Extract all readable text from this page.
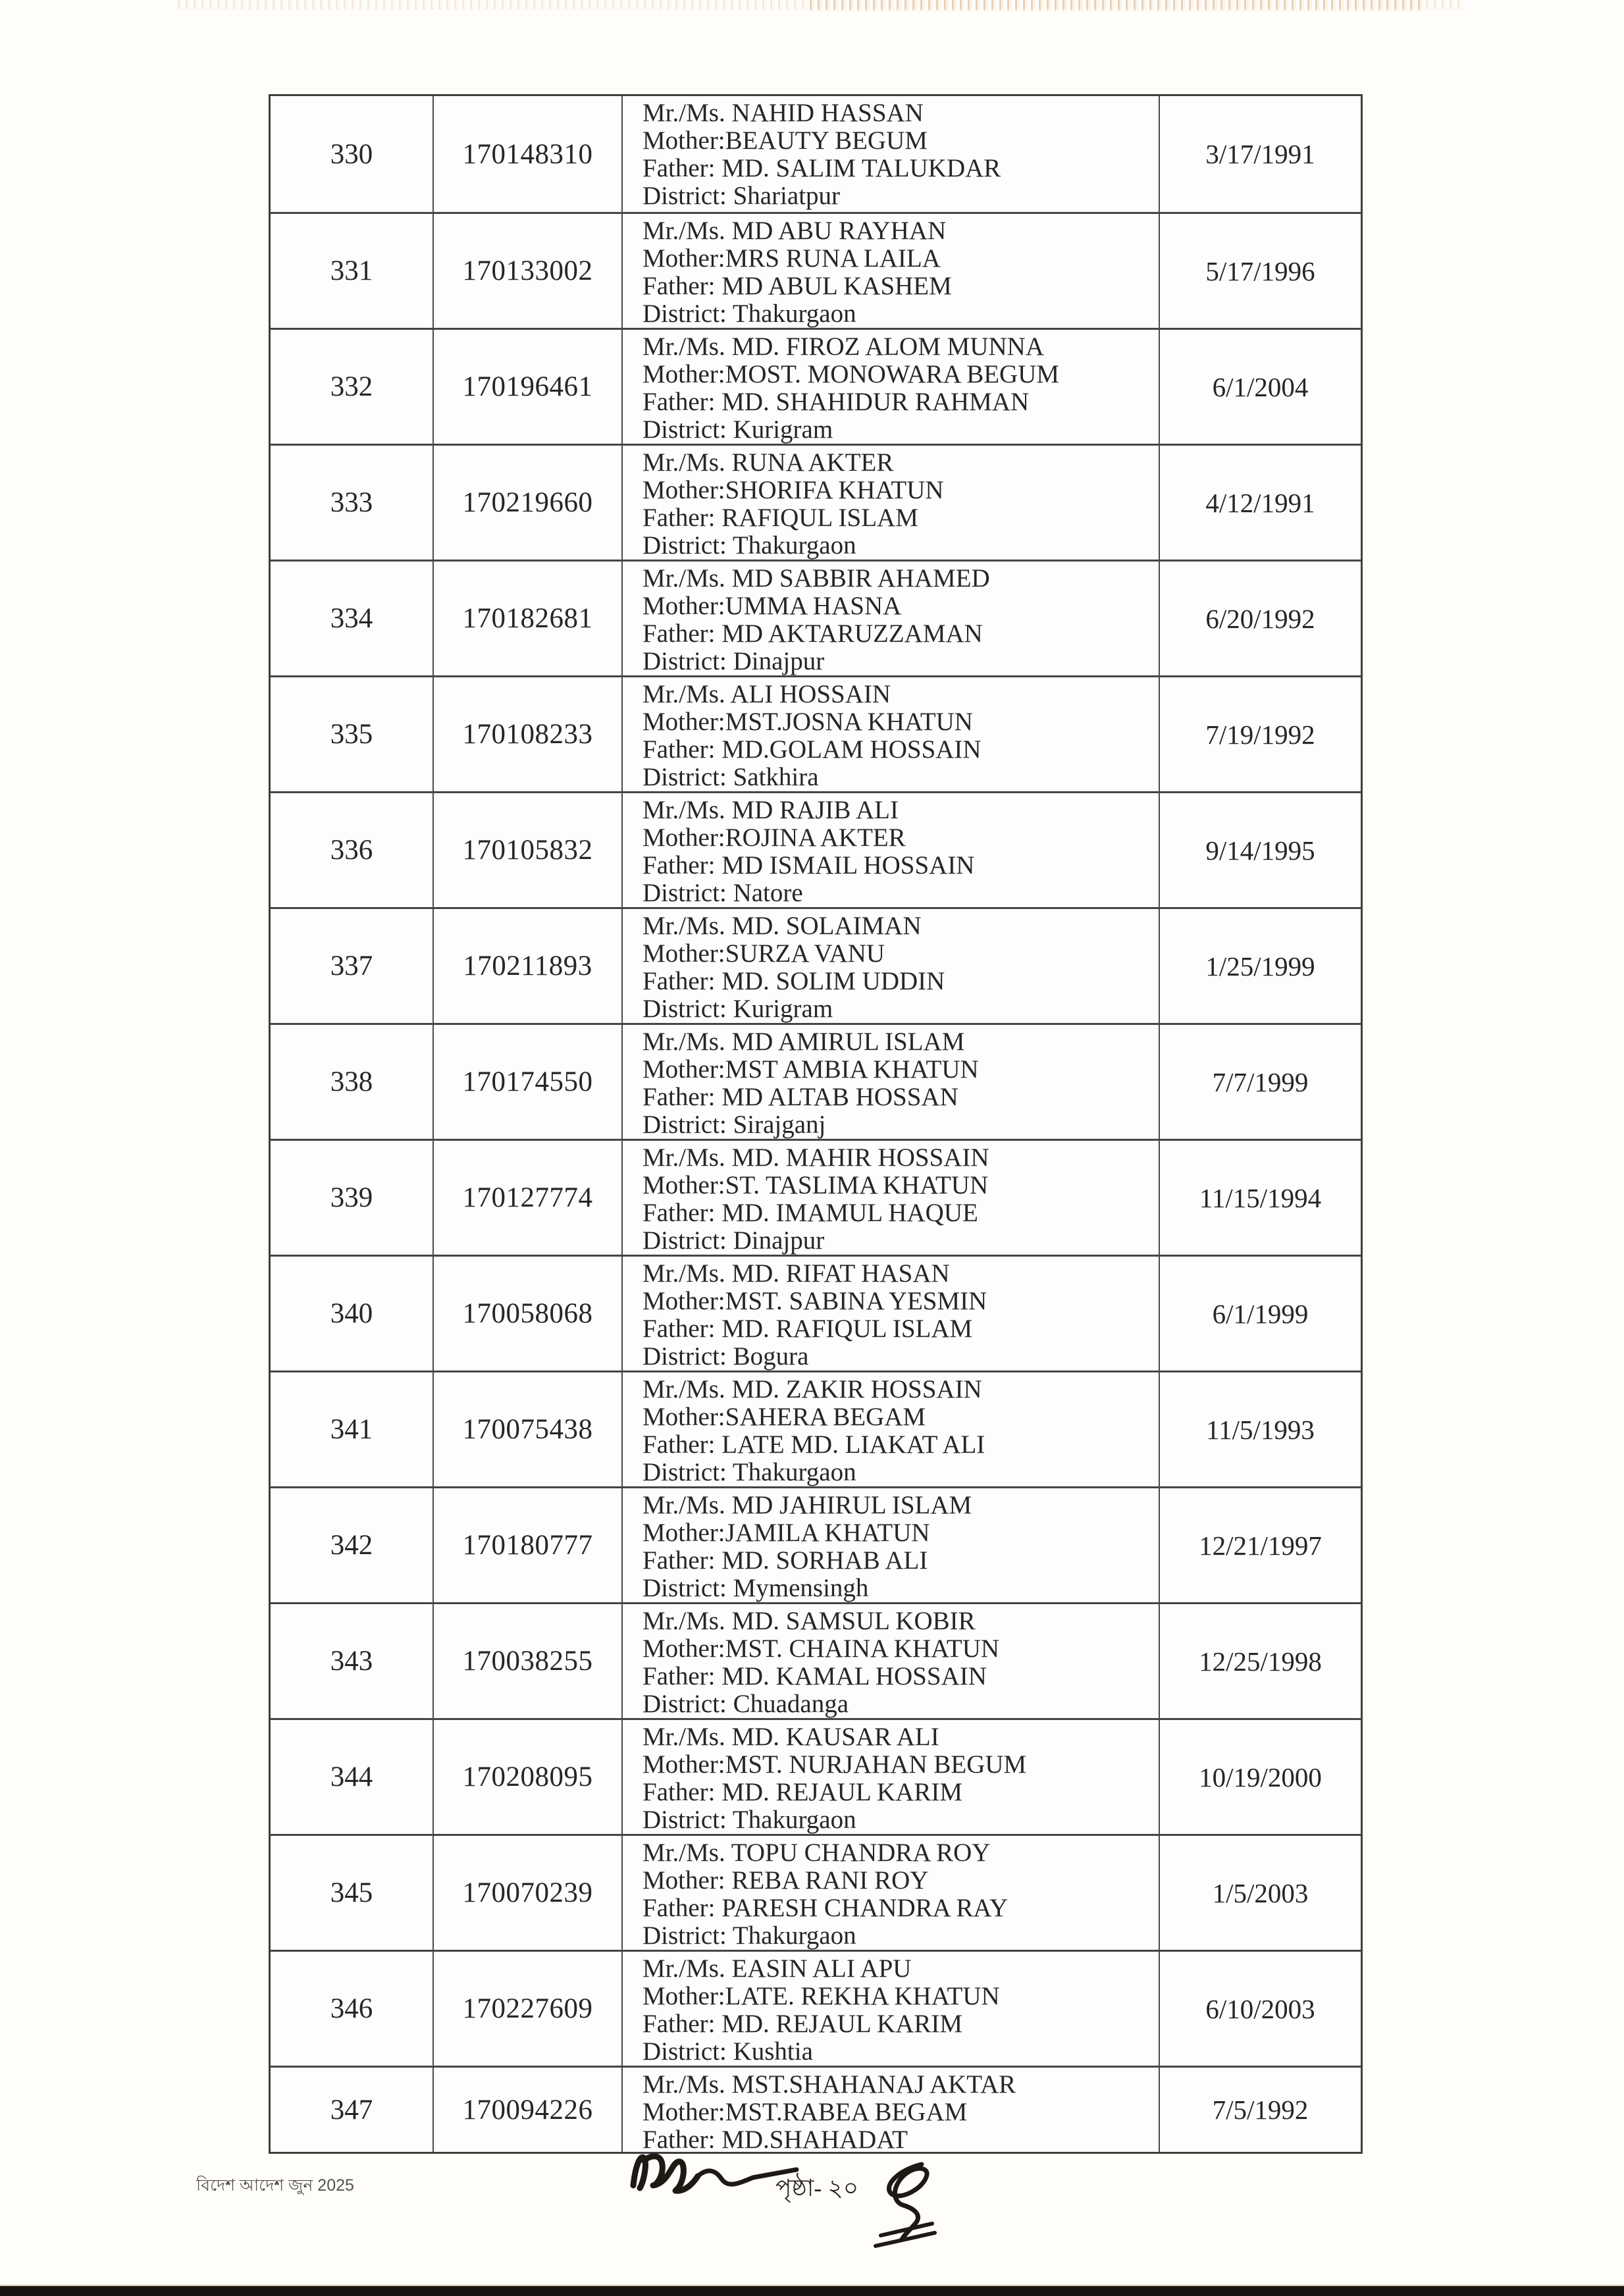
330	170148310
Mr./Ms. NAHID HASSAN
Mother:BEAUTY BEGUM
Father: MD. SALIM TALUKDAR
District: Shariatpur
3/17/1991
331	170133002
Mr./Ms. MD ABU RAYHAN
Mother:MRS RUNA LAILA
Father: MD ABUL KASHEM
District: Thakurgaon
5/17/1996
332	170196461
Mr./Ms. MD. FIROZ ALOM MUNNA
Mother:MOST. MONOWARA BEGUM
Father: MD. SHAHIDUR RAHMAN
District: Kurigram
6/1/2004
333	170219660
Mr./Ms. RUNA AKTER
Mother:SHORIFA KHATUN
Father: RAFIQUL ISLAM
District: Thakurgaon
4/12/1991
334	170182681
Mr./Ms. MD SABBIR AHAMED
Mother:UMMA HASNA
Father: MD AKTARUZZAMAN
District: Dinajpur
6/20/1992
335	170108233
Mr./Ms. ALI HOSSAIN
Mother:MST.JOSNA KHATUN
Father: MD.GOLAM HOSSAIN
District: Satkhira
7/19/1992
336	170105832
Mr./Ms. MD RAJIB ALI
Mother:ROJINA AKTER
Father: MD ISMAIL HOSSAIN
District: Natore
9/14/1995
337	170211893
Mr./Ms. MD. SOLAIMAN
Mother:SURZA VANU
Father: MD. SOLIM UDDIN
District: Kurigram
1/25/1999
338	170174550
Mr./Ms. MD AMIRUL ISLAM
Mother:MST AMBIA KHATUN
Father: MD ALTAB HOSSAN
District: Sirajganj
7/7/1999
339	170127774
Mr./Ms. MD. MAHIR HOSSAIN
Mother:ST. TASLIMA KHATUN
Father: MD. IMAMUL HAQUE
District: Dinajpur
11/15/1994
340	170058068
Mr./Ms. MD. RIFAT HASAN
Mother:MST. SABINA YESMIN
Father: MD. RAFIQUL ISLAM
District: Bogura
6/1/1999
341	170075438
Mr./Ms. MD. ZAKIR HOSSAIN
Mother:SAHERA BEGAM
Father: LATE MD. LIAKAT ALI
District: Thakurgaon
11/5/1993
342	170180777
Mr./Ms. MD JAHIRUL ISLAM
Mother:JAMILA KHATUN
Father: MD. SORHAB ALI
District: Mymensingh
12/21/1997
343	170038255
Mr./Ms. MD. SAMSUL KOBIR
Mother:MST. CHAINA KHATUN
Father: MD. KAMAL HOSSAIN
District: Chuadanga
12/25/1998
344	170208095
Mr./Ms. MD. KAUSAR ALI
Mother:MST. NURJAHAN BEGUM
Father: MD. REJAUL KARIM
District: Thakurgaon
10/19/2000
345	170070239
Mr./Ms. TOPU CHANDRA ROY
Mother: REBA RANI ROY
Father: PARESH CHANDRA RAY
District: Thakurgaon
1/5/2003
346	170227609
Mr./Ms. EASIN ALI APU
Mother:LATE. REKHA KHATUN
Father: MD. REJAUL KARIM
District: Kushtia
6/10/2003
347	170094226
Mr./Ms. MST.SHAHANAJ AKTAR
Mother:MST.RABEA BEGAM
Father: MD.SHAHADAT
7/5/1992
বিদেশ আদেশ জুন 2025	পৃষ্ঠা- ২০
